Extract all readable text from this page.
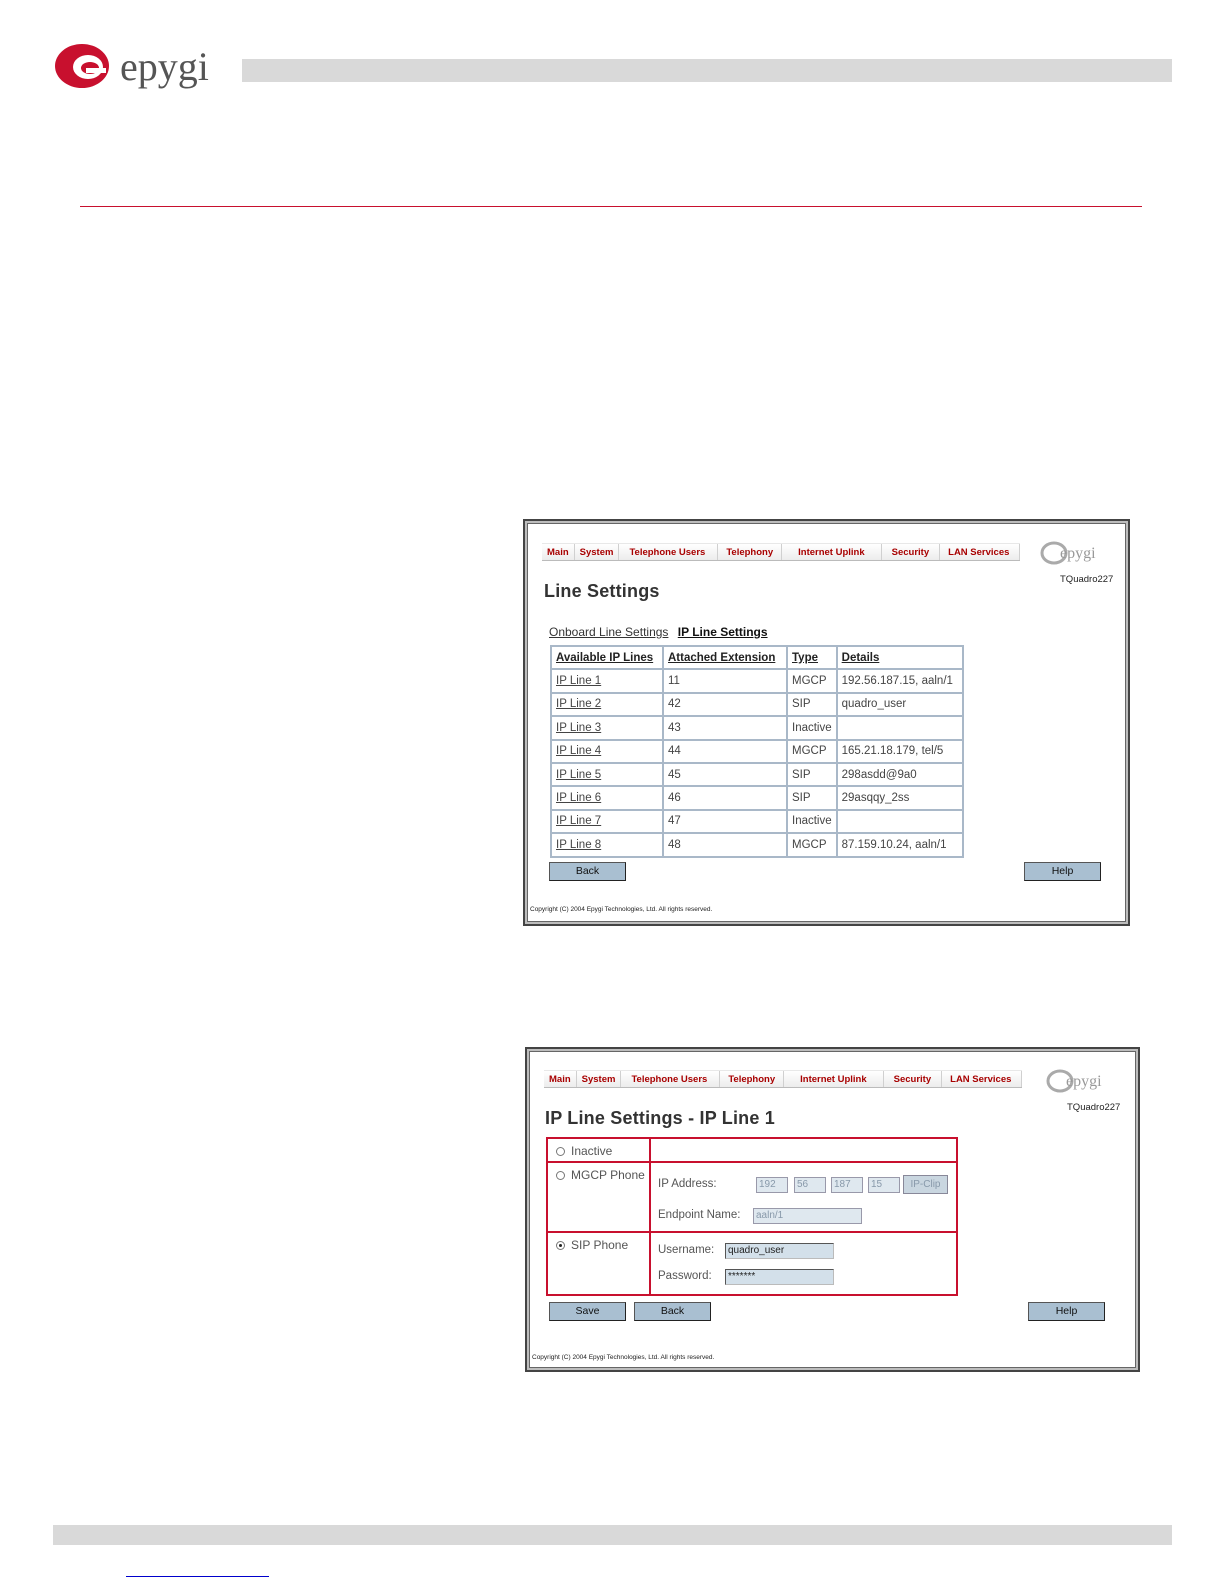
epygi
Main	System	Telephone Users	Telephony	Internet Uplink	Security	LAN Services	epygi
TQuadro227
Line Settings
Onboard Line Settings IP Line Settings
Available IP Lines	Attached Extension	Type	Details
IP Line 1	11	MGCP	192.56.187.15, aaln/1
IP Line 2	42	SIP	quadro_user
IP Line 3	43	Inactive	
IP Line 4	44	MGCP	165.21.18.179, tel/5
IP Line 5	45	SIP	298asdd@9a0
IP Line 6	46	SIP	29asqqy_2ss
IP Line 7	47	Inactive	
IP Line 8	48	MGCP	87.159.10.24, aaln/1
Back	Help
Copyright (C) 2004 Epygi Technologies, Ltd. All rights reserved.
Main	System	Telephone Users	Telephony	Internet Uplink	Security	LAN Services	epygi
TQuadro227
IP Line Settings - IP Line 1
Inactive
MGCP Phone
SIP Phone
IP Address:	192	56	187	15	IP-Clip
Endpoint Name:	aaln/1
Username:	quadro_user
Password:	*******
Save	Back	Help
Copyright (C) 2004 Epygi Technologies, Ltd. All rights reserved.
